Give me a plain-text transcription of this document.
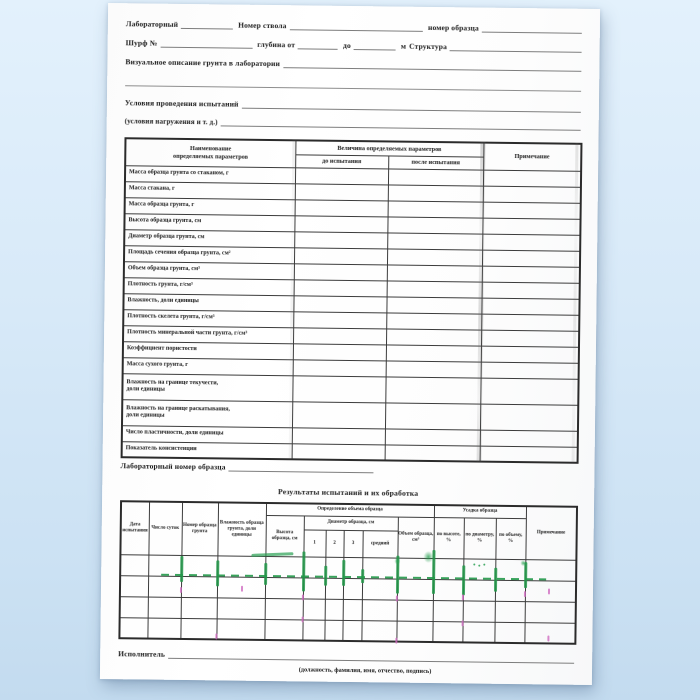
Лабораторный	Номер ствола	номер образца
Шурф №	глубина от	до	м Структура
Визуальное описание грунта в лаборатории
Условия проведения испытаний
(условия нагружения и т. д.)
Наименование
определяемых параметров	Величина определяемых параметров		Примечание
	до испытания	после испытания	
Масса образца грунта со стаканом, г			
Масса стакана, г			
Масса образца грунта, г			
Высота образца грунта, см			
Диаметр образца грунта, см			
Площадь сечения образца грунта, см²			
Объем образца грунта, см³			
Плотность грунта, г/см³			
Влажность, доли единицы			
Плотность скелета грунта, г/см³			
Плотность минеральной части грунта, г/см³			
Коэффициент пористости			
Масса сухого грунта, г			
Влажность на границе текучести,
доли единицы			
Влажность на границе раскатывания,
доли единицы			
Число пластичности, доли единицы			
Показатель консистенции			
Лабораторный номер образца
Результаты испытаний и их обработка
Дата испытания	Число суток	Номер образца грунта	Влажность образца грунта, доли единицы	Определение объема образца						Усадка образца			Примечание
				Высота образца, см	Диаметр образца, см				Объем образца, см³	по высоте, %	по диаметру, %	по объему, %	
					1	2	3	средний					

Исполнитель
(должность, фамилия, имя, отчество, подпись)
